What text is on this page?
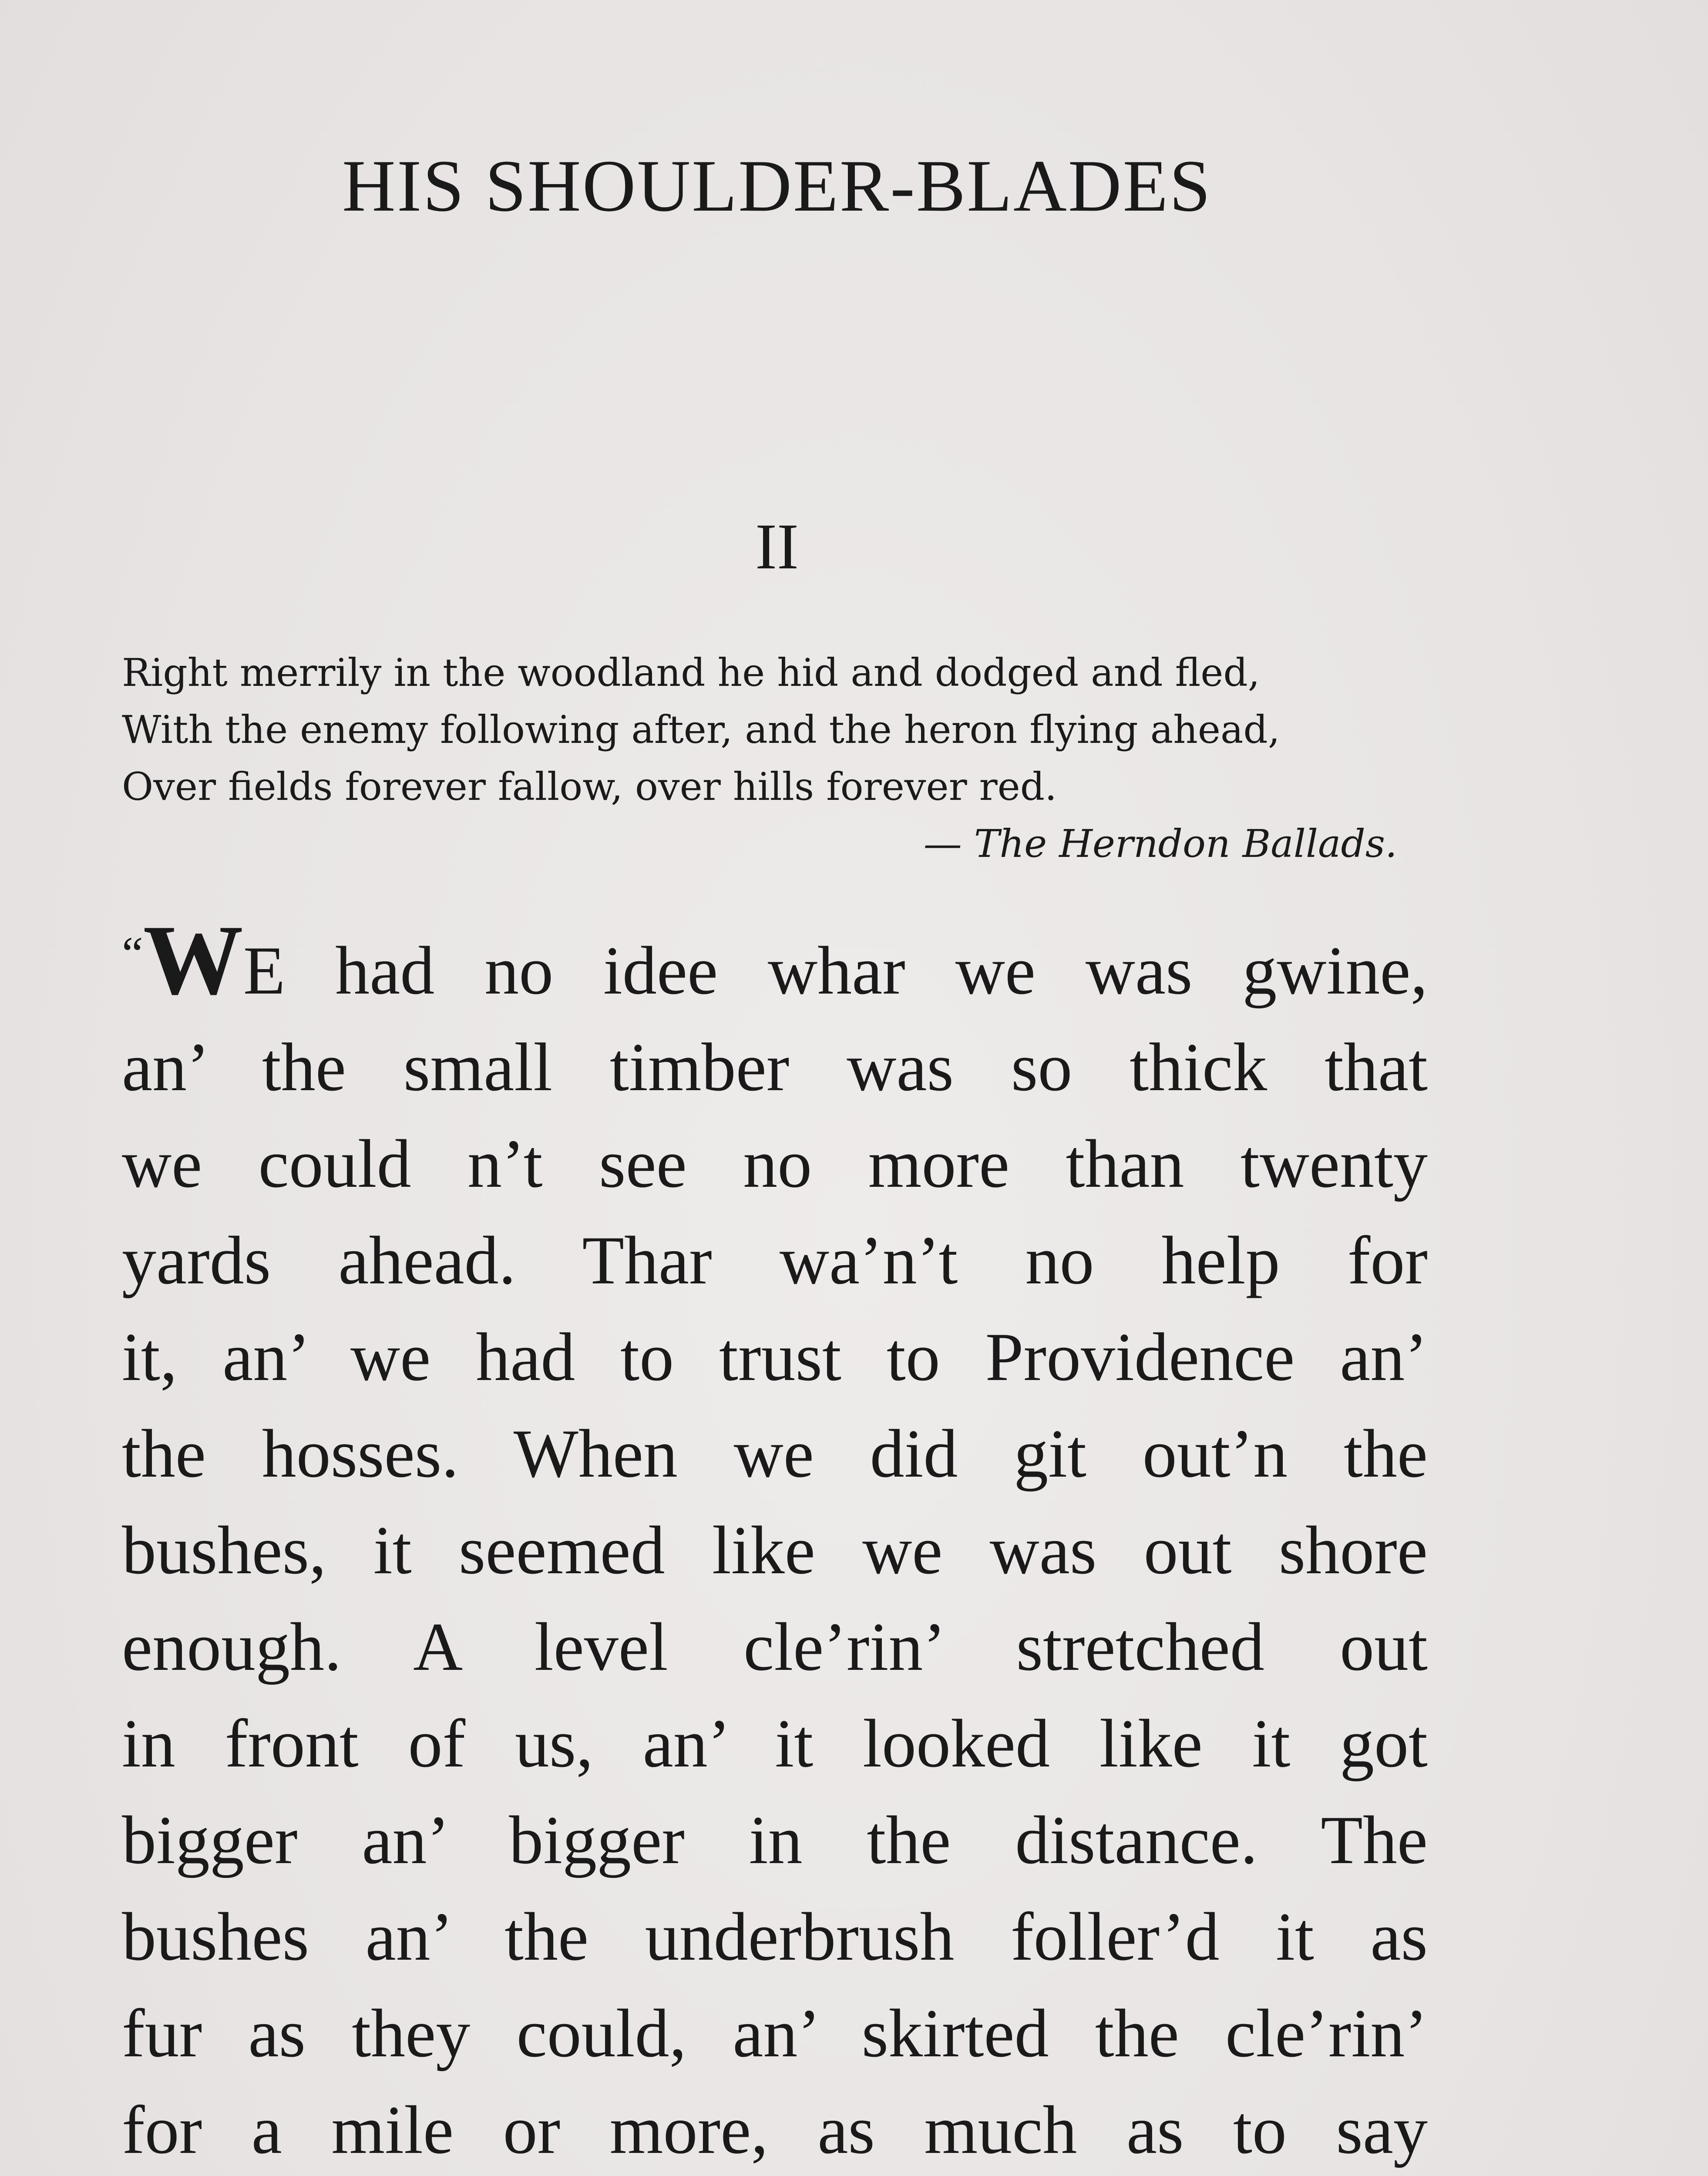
HIS SHOULDER-BLADES
II
Right merrily in the woodland he hid and dodged and fled,
With the enemy following after, and the heron flying ahead,
Over fields forever fallow, over hills forever red.
— The Herndon Ballads.
“WE had no idee whar we was gwine,
an’ the small timber was so thick that
we could n’t see no more than twenty
yards ahead. Thar wa’n’t no help for
it, an’ we had to trust to Providence an’
the hosses. When we did git out’n the
bushes, it seemed like we was out shore
enough. A level cle’rin’ stretched out
in front of us, an’ it looked like it got
bigger an’ bigger in the distance. The
bushes an’ the underbrush foller’d it as
fur as they could, an’ skirted the cle’rin’
for a mile or more, as much as to say
